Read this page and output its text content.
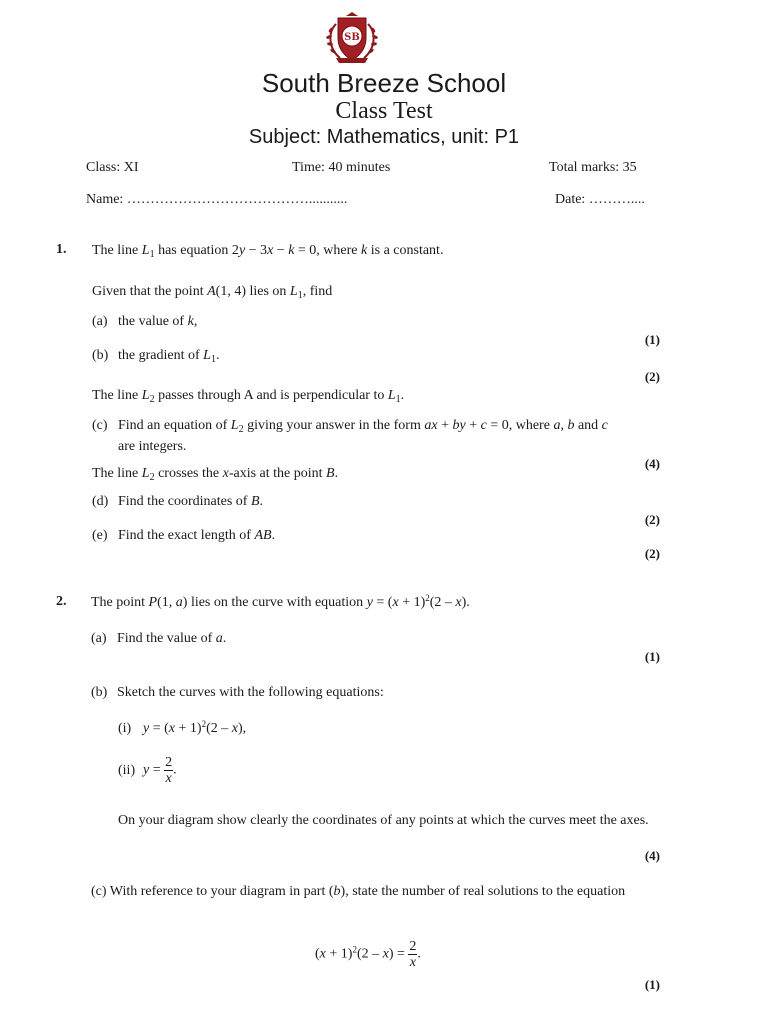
SB
South Breeze School
Class Test
Subject: Mathematics, unit: P1
Class: XI	Time: 40 minutes	Total marks: 35
Name: …………………………………...........	Date: ………....
1. The line $L_1$ has equation 2y − 3x − k = 0, where k is a constant.
Given that the point A(1, 4) lies on $L_1$, find
(a) the value of k,
(1)
(b) the gradient of $L_1$.
(2)
The line $L_2$ passes through A and is perpendicular to $L_1$.
(c) Find an equation of $L_2$ giving your answer in the form ax + by + c = 0, where a, b and c
are integers.
(4)
The line $L_2$ crosses the x-axis at the point B.
(d) Find the coordinates of B.
(2)
(e) Find the exact length of AB.
(2)
2. The point P(1, a) lies on the curve with equation $y = (x + 1)^2(2 - x)$.
(a) Find the value of a.
(1)
(b) Sketch the curves with the following equations:
(i) $y = (x + 1)^2(2 - x)$,
(ii) $y = \frac{2}{x}$ .
On your diagram show clearly the coordinates of any points at which the curves meet the axes.
(4)
(c) With reference to your diagram in part (b), state the number of real solutions to the equation
$(x + 1)^2(2 - x) = \frac{2}{x}$ .
(1)
